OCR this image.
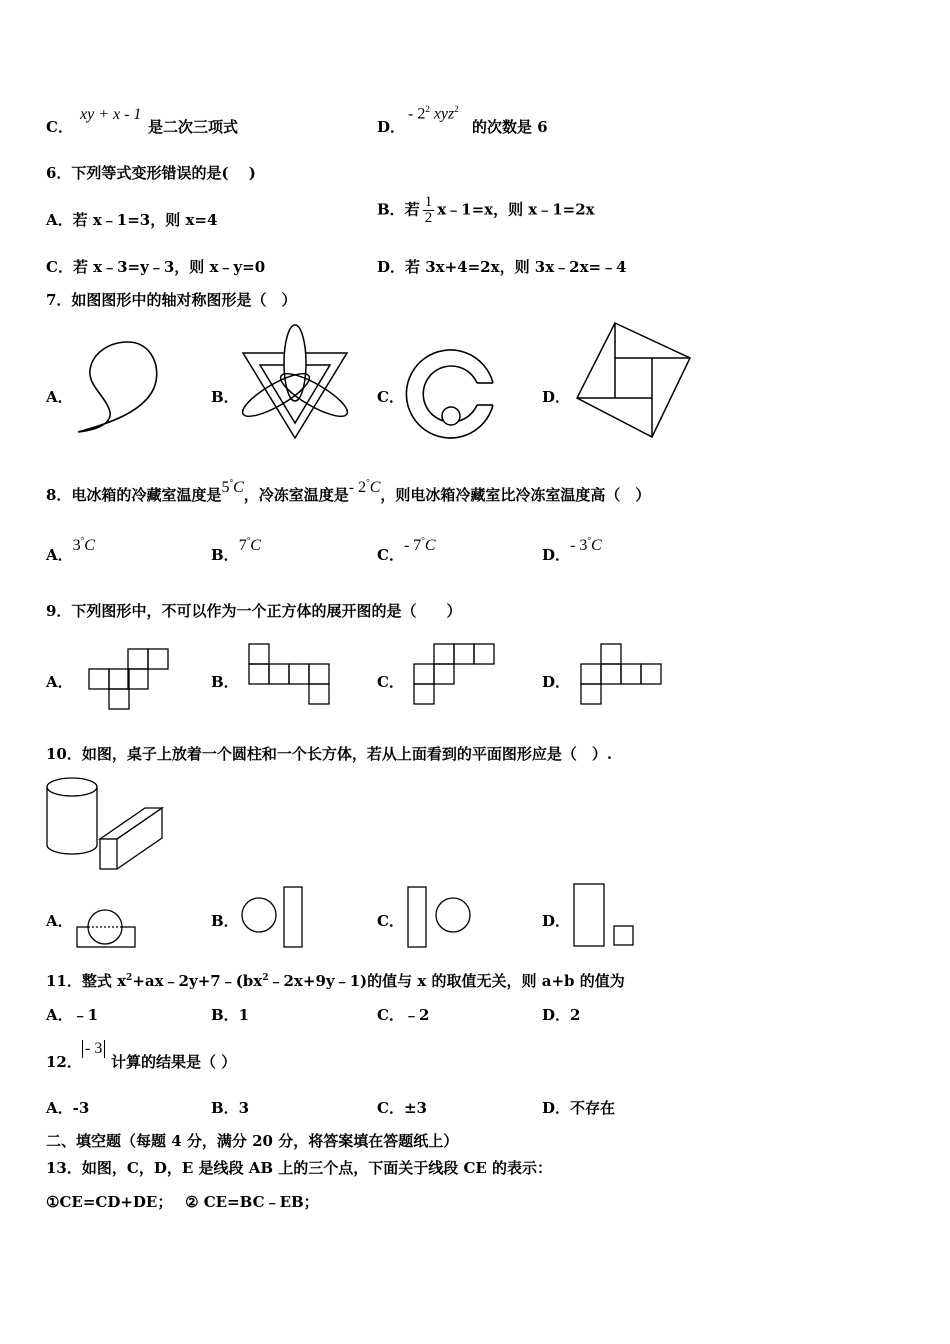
C．
xy + x - 1
是二次三项式	D．
- $2^2$ xyz$^2$
的次数是 6
6．下列等式变形错误的是(　 )
A．若 x﹣1=3，则 x=4
B．若 $\frac{1}{2}$ x﹣1=x，则 x﹣1=2x
C．若 x﹣3=y﹣3，则 x﹣y=0	D．若 3x+4=2x，则 3x﹣2x=﹣4
7．如图图形中的轴对称图形是（　）
A．	B．	C．	D．
8．电冰箱的冷藏室温度是5°C，冷冻室温度是- 2°C，则电冰箱冷藏室比冷冻室温度高（　）
A．3°C
B．7°C
C．- 7°C
D．- 3°C
9．下列图形中，不可以作为一个正方体的展开图的是（　　）
A．	B．	C．	D．
10．如图，桌子上放着一个圆柱和一个长方体，若从上面看到的平面图形应是（　）.
A．	B．	C．	D．
11．整式 $x^2+ax﹣2y+7﹣(bx^2﹣2x+9y﹣1)$的值与 x 的取值无关，则 a+b 的值为
A．﹣1	B．1	C．﹣2	D．2
12．
- 3
计算的结果是（ ）
A．-3	B．3	C．±3	D．不存在
二、填空题（每题 4 分，满分 20 分，将答案填在答题纸上）
13．如图，C，D，E 是线段 AB 上的三个点，下面关于线段 CE 的表示：
①CE=CD+DE；　 ② CE=BC﹣EB；
